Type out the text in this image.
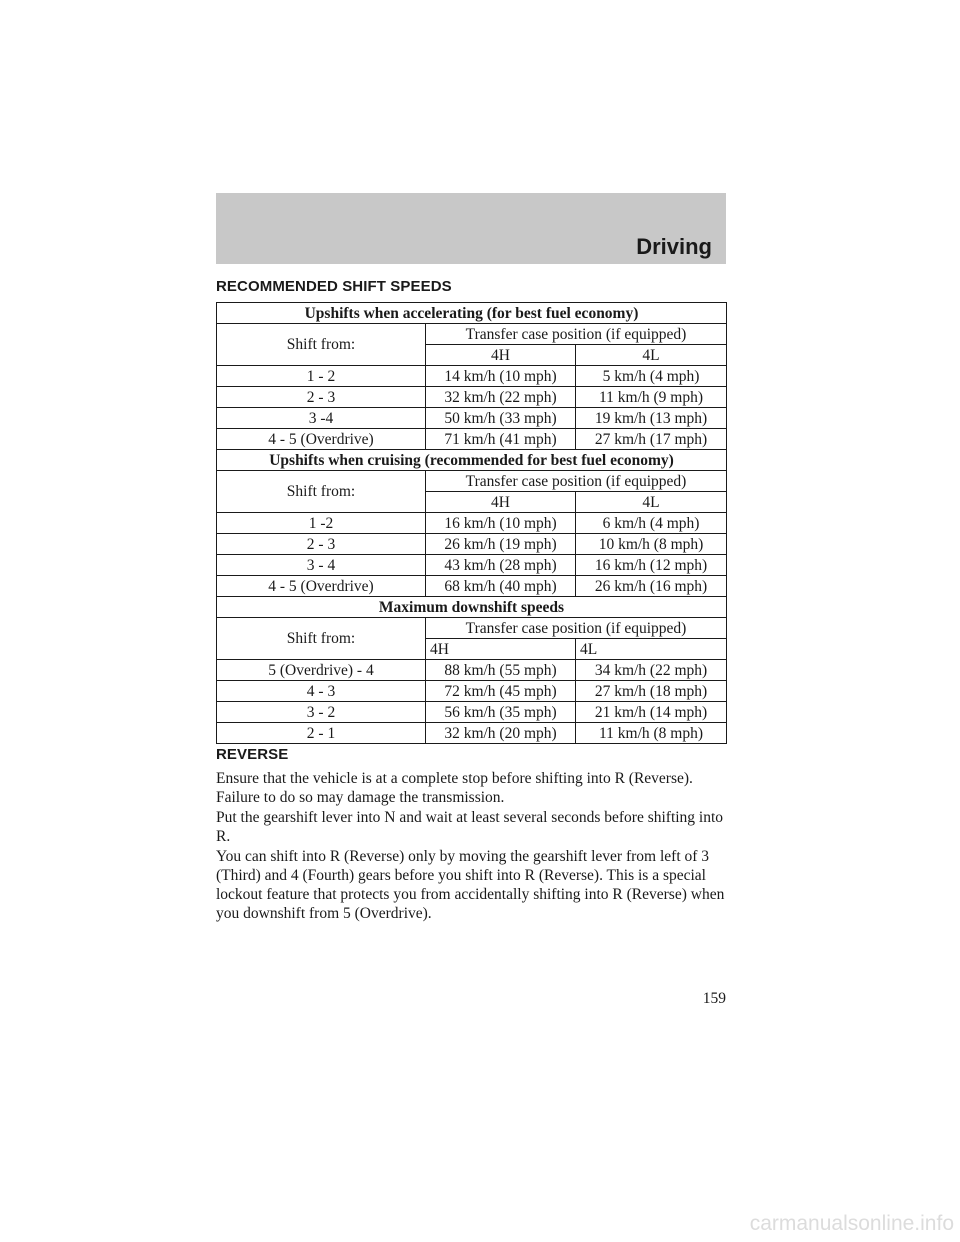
Driving
RECOMMENDED SHIFT SPEEDS
Upshifts when accelerating (for best fuel economy)		
Shift from:	Transfer case position (if equipped)	
	4H	4L
1 - 2	14 km/h (10 mph)	5 km/h (4 mph)
2 - 3	32 km/h (22 mph)	11 km/h (9 mph)
3 -4	50 km/h (33 mph)	19 km/h (13 mph)
4 - 5 (Overdrive)	71 km/h (41 mph)	27 km/h (17 mph)
Upshifts when cruising (recommended for best fuel economy)		
Shift from:	Transfer case position (if equipped)	
	4H	4L
1 -2	16 km/h (10 mph)	6 km/h (4 mph)
2 - 3	26 km/h (19 mph)	10 km/h (8 mph)
3 - 4	43 km/h (28 mph)	16 km/h (12 mph)
4 - 5 (Overdrive)	68 km/h (40 mph)	26 km/h (16 mph)
Maximum downshift speeds		
Shift from:	Transfer case position (if equipped)	
	4H	4L
5 (Overdrive) - 4	88 km/h (55 mph)	34 km/h (22 mph)
4 - 3	72 km/h (45 mph)	27 km/h (18 mph)
3 - 2	56 km/h (35 mph)	21 km/h (14 mph)
2 - 1	32 km/h (20 mph)	11 km/h (8 mph)
REVERSE

Ensure that the vehicle is at a complete stop before shifting into R (Reverse). Failure to do so may damage the transmission.

Put the gearshift lever into N and wait at least several seconds before shifting into R.

You can shift into R (Reverse) only by moving the gearshift lever from left of 3 (Third) and 4 (Fourth) gears before you shift into R (Reverse). This is a special lockout feature that protects you from accidentally shifting into R (Reverse) when you downshift from 5 (Overdrive).

159
carmanualsonline.info
